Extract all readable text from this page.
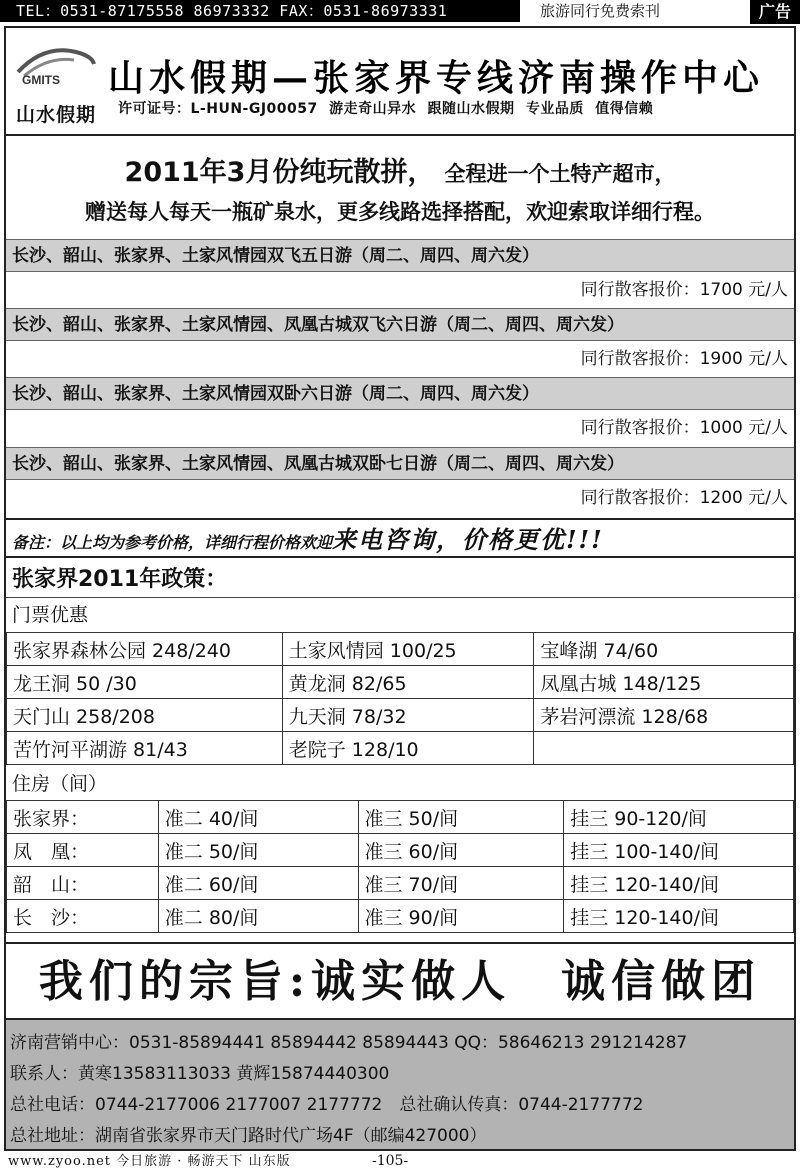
TEL：0531-87175558 86973332 FAX：0531-86973331	旅游同行免费索刊	广告
GMITS
山水假期
山水假期—张家界专线济南操作中心
许可证号：L-HUN-GJ00057 游走奇山异水 跟随山水假期 专业品质 值得信赖
2011年3月份纯玩散拼， 全程进一个土特产超市，
赠送每人每天一瓶矿泉水，更多线路选择搭配，欢迎索取详细行程。
长沙、韶山、张家界、土家风情园双飞五日游（周二、周四、周六发）
同行散客报价：1700 元/人
长沙、韶山、张家界、土家风情园、凤凰古城双飞六日游（周二、周四、周六发）
同行散客报价：1900 元/人
长沙、韶山、张家界、土家风情园双卧六日游（周二、周四、周六发）
同行散客报价：1000 元/人
长沙、韶山、张家界、土家风情园、凤凰古城双卧七日游（周二、周四、周六发）
同行散客报价：1200 元/人
备注：以上均为参考价格，详细行程价格欢迎来电咨询，价格更优!!!
张家界2011年政策：
门票优惠
张家界森林公园 248/240	土家风情园 100/25	宝峰湖 74/60
龙王洞 50 /30	黄龙洞 82/65	凤凰古城 148/125
天门山 258/208	九天洞 78/32	茅岩河漂流 128/68
苦竹河平湖游 81/43	老院子 128/10	
住房（间）
张家界：	准二 40/间	准三 50/间	挂三 90-120/间
凤　凰：	准二 50/间	准三 60/间	挂三 100-140/间
韶　山：	准二 60/间	准三 70/间	挂三 120-140/间
长　沙：	准二 80/间	准三 90/间	挂三 120-140/间
我们的宗旨:诚实做人　诚信做团
济南营销中心：0531-85894441 85894442 85894443 QQ：58646213 291214287
联系人：黄寒13583113033 黄辉15874440300
总社电话：0744-2177006 2177007 2177772　总社确认传真：0744-2177772
总社地址：湖南省张家界市天门路时代广场4F（邮编427000）
www.zyoo.net 今日旅游 · 畅游天下 山东版	-105-
